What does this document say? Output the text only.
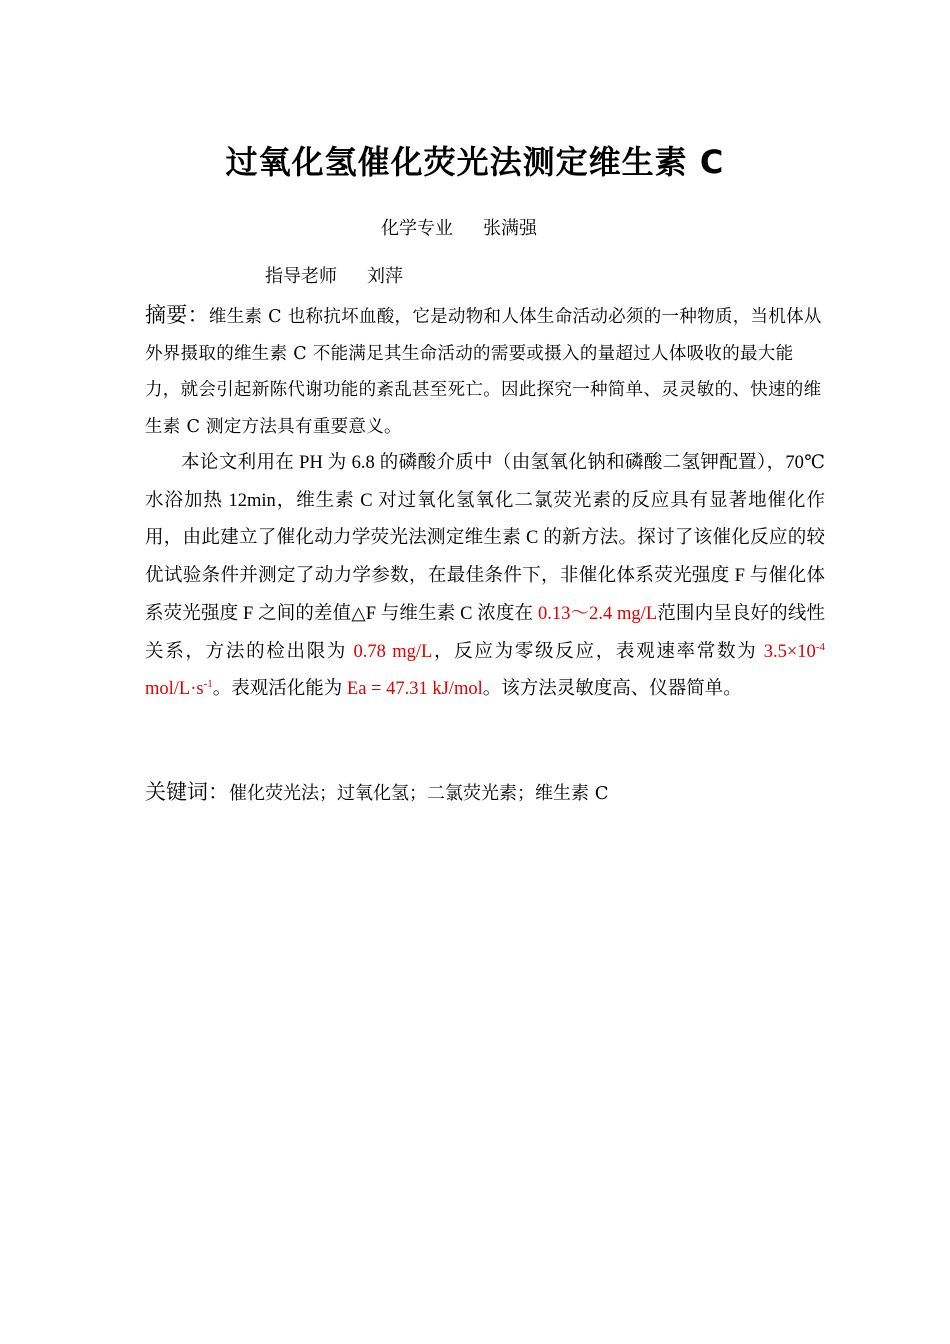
过氧化氢催化荧光法测定维生素 C
化学专业 张满强
指导老师 刘萍

摘要：维生素 C 也称抗坏血酸，它是动物和人体生命活动必须的一种物质，当机体从外界摄取的维生素 C 不能满足其生命活动的需要或摄入的量超过人体吸收的最大能力，就会引起新陈代谢功能的紊乱甚至死亡。因此探究一种简单、灵灵敏的、快速的维生素 C 测定方法具有重要意义。

本论文利用在 PH 为 6.8 的磷酸介质中（由氢氧化钠和磷酸二氢钾配置），70℃水浴加热 12min，维生素 C 对过氧化氢氧化二氯荧光素的反应具有显著地催化作用，由此建立了催化动力学荧光法测定维生素 C 的新方法。探讨了该催化反应的较优试验条件并测定了动力学参数，在最佳条件下，非催化体系荧光强度 F 与催化体系荧光强度 F 之间的差值△F 与维生素 C 浓度在 0.13～2.4 mg/L范围内呈良好的线性关系，方法的检出限为 0.78 mg/L，反应为零级反应，表观速率常数为 $3.5\times 10^{-4}$ mol/$L\cdot s^{-1}$。表观活化能为 Ea = 47.31 kJ/mol。该方法灵敏度高、仪器简单。

关键词：催化荧光法；过氧化氢；二氯荧光素；维生素 C
